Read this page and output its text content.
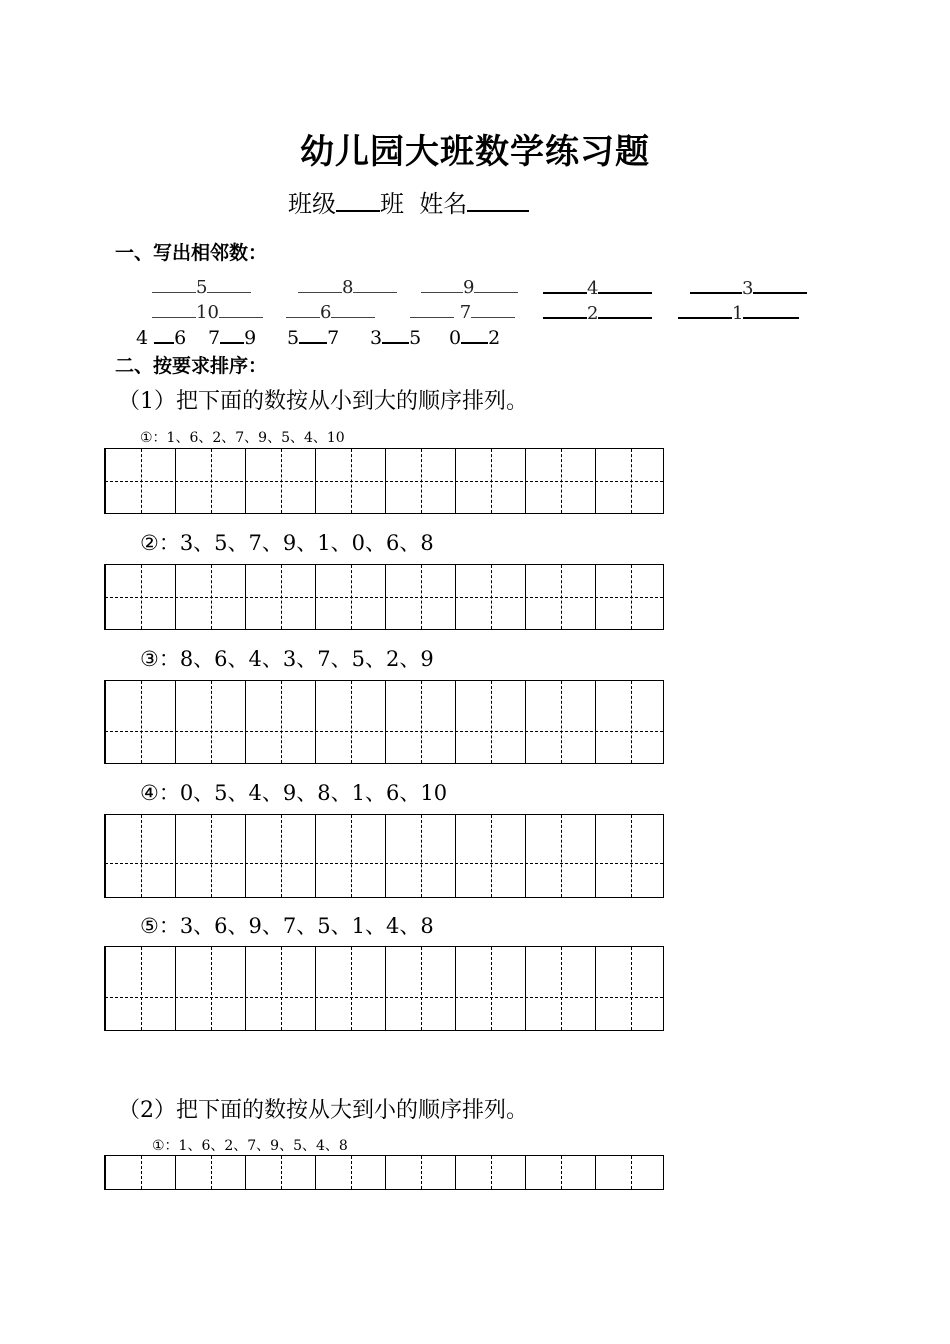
幼儿园大班数学练习题
班级 班 姓名
一、写出相邻数：
5	8	9	4	3
10	6	7	2	1
4 6 7 9 5 7 3 5 0 2
二、按要求排序：
（1）把下面的数按从小到大的顺序排列。
①：1、6、2、7、9、5、4、10
②：3、5、7、9、1、0、6、8
③：8、6、4、3、7、5、2、9
④：0、5、4、9、8、1、6、10
⑤：3、6、9、7、5、1、4、8
（2）把下面的数按从大到小的顺序排列。
①：1、6、2、7、9、5、4、8
